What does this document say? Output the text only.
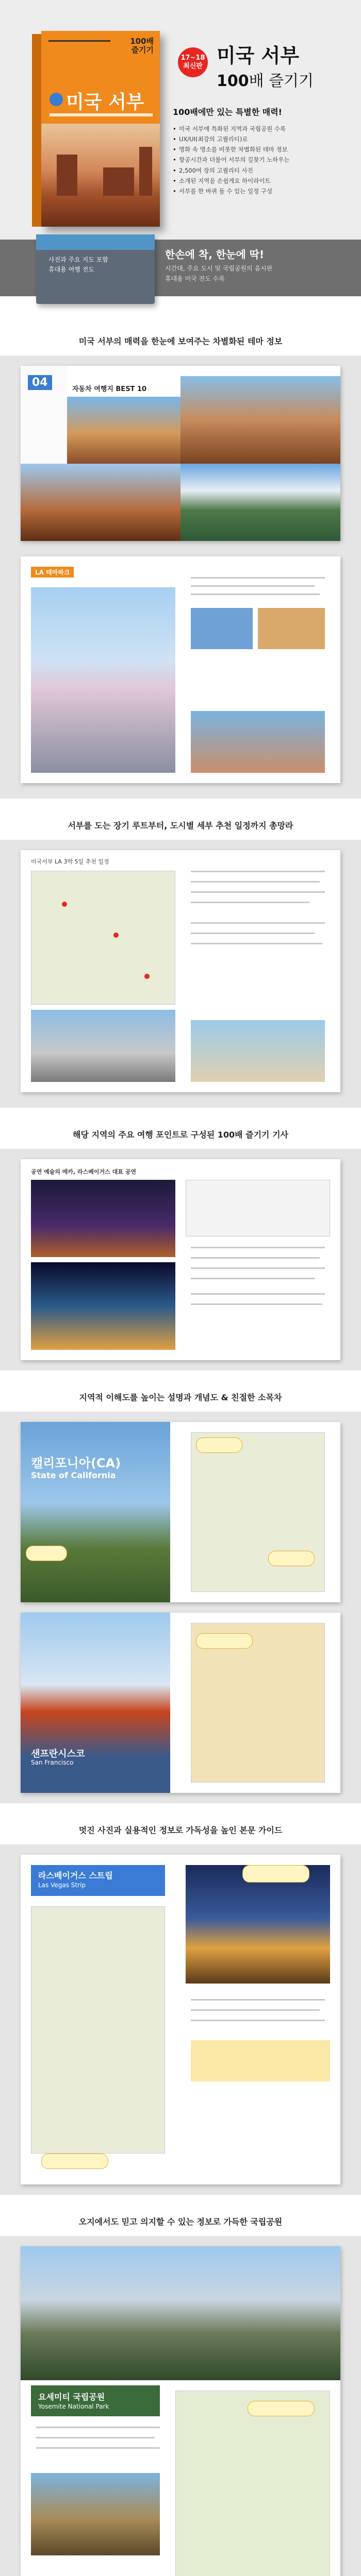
100배
즐기기
미국 서부
17~18
최신판 미국 서부
100배 즐기기
100배에만 있는 특별한 매력!
• 미국 서부에 특화된 지역과 국립공원 수록
• UX/UI(최강의 고퀄리티)로
• 명화 속 명소를 비롯한 차별화된 테마 정보
• 항공시간과 더불어 서부의 길찾기 노하우는
• 2,500여 장의 고퀄리티 사진
• 소개된 지역을 손쉽게요 하이라이트
• 서부를 한 바퀴 돌 수 있는 일정 구성
사진과 주요 지도 포함
휴대용 여행 전도
한손에 착, 한눈에 딱!
시간대, 주요 도시 및 국립공원의 음시판
휴대용 미국 전도 수록
미국 서부의 매력을 한눈에 보여주는 차별화된 테마 정보
04
자동차 여행지 BEST 10
LA 테마파크
서부를 도는 장기 루트부터, 도시별 세부 추천 일정까지 총망라
미국서부 LA 3박 5일 추천 일정
해당 지역의 주요 여행 포인트로 구성된 100배 즐기기 기사
공연 예술의 메카, 라스베이거스 대표 공연
지역적 이해도를 높이는 설명과 개념도 & 친절한 소목차
캘리포니아(CA)
State of California
샌프란시스코
San Francisco
멋진 사진과 실용적인 정보로 가독성을 높인 본문 가이드
라스베이거스 스트립
Las Vegas Strip
오지에서도 믿고 의지할 수 있는 정보로 가득한 국립공원
요세미티 국립공원
Yosemite National Park
